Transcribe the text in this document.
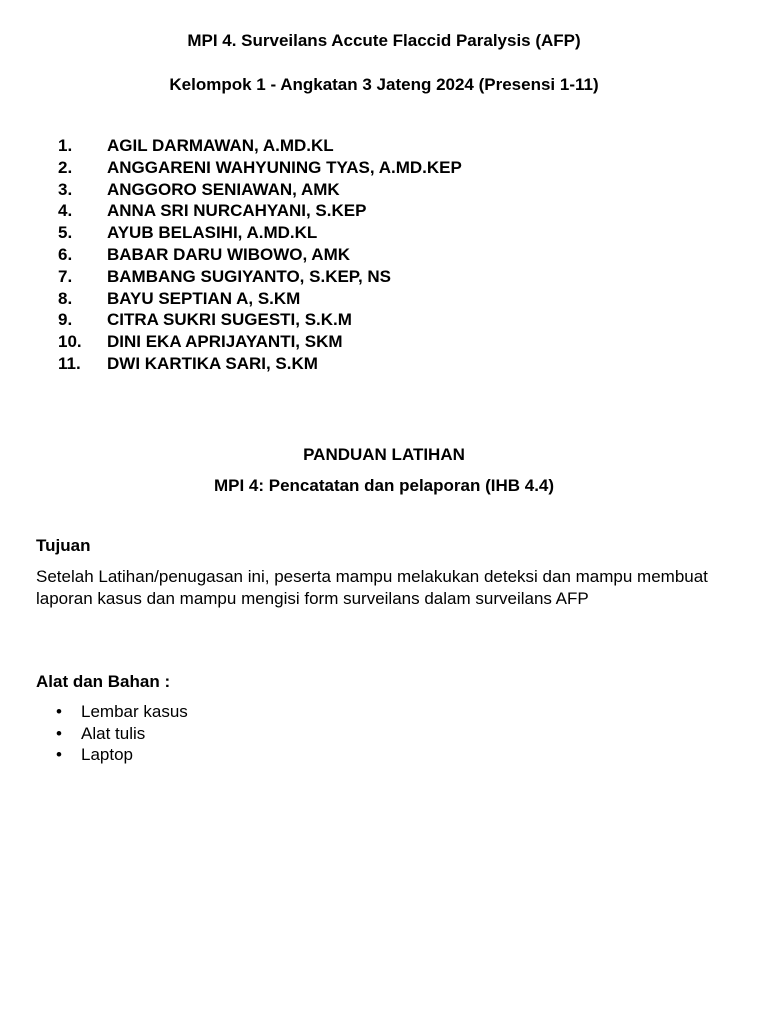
MPI 4. Surveilans Accute Flaccid Paralysis (AFP)
Kelompok 1 - Angkatan 3 Jateng 2024 (Presensi 1-11)
1. AGIL DARMAWAN, A.MD.KL
2. ANGGARENI WAHYUNING TYAS, A.MD.KEP
3. ANGGORO SENIAWAN, AMK
4. ANNA SRI NURCAHYANI, S.KEP
5. AYUB BELASIHI, A.MD.KL
6. BABAR DARU WIBOWO, AMK
7. BAMBANG SUGIYANTO, S.KEP, NS
8. BAYU SEPTIAN A, S.KM
9. CITRA SUKRI SUGESTI, S.K.M
10. DINI EKA APRIJAYANTI, SKM
11. DWI KARTIKA SARI, S.KM
PANDUAN LATIHAN
MPI 4: Pencatatan dan pelaporan (IHB 4.4)
Tujuan

Setelah Latihan/penugasan ini, peserta mampu melakukan deteksi dan mampu membuat laporan kasus dan mampu mengisi form surveilans dalam surveilans AFP

Alat dan Bahan :
• Lembar kasus
• Alat tulis
• Laptop
